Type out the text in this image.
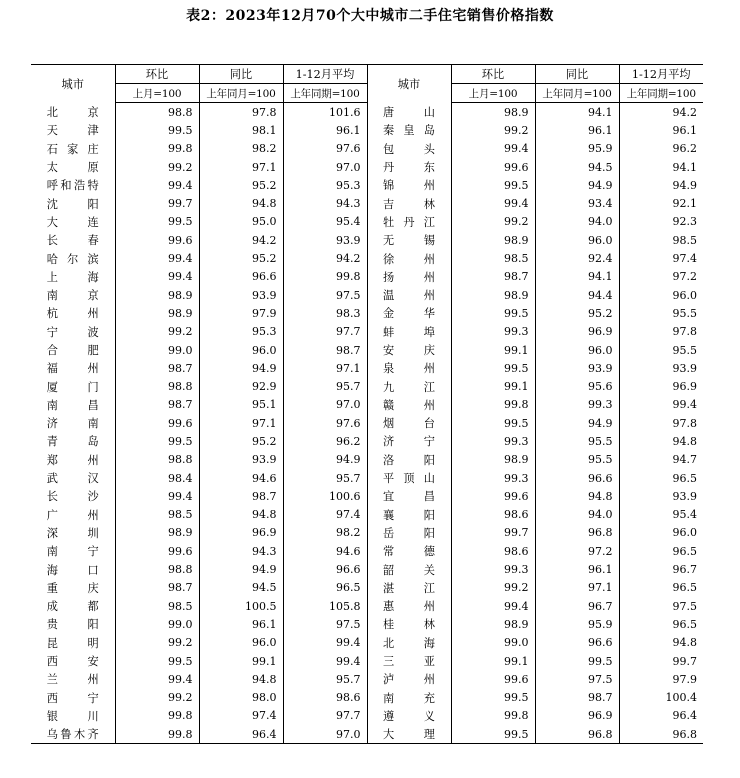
表2：2023年12月70个大中城市二手住宅销售价格指数
城市	环比	同比	1-12月平均	城市	环比	同比	1-12月平均
	上月=100	上年同月=100	上年同期=100		上月=100	上年同月=100	上年同期=100
北京	98.8	97.8	101.6	唐山	98.9	94.1	94.2
天津	99.5	98.1	96.1	秦皇岛	99.2	96.1	96.1
石家庄	99.8	98.2	97.6	包头	99.4	95.9	96.2
太原	99.2	97.1	97.0	丹东	99.6	94.5	94.1
呼和浩特	99.4	95.2	95.3	锦州	99.5	94.9	94.9
沈阳	99.7	94.8	94.3	吉林	99.4	93.4	92.1
大连	99.5	95.0	95.4	牡丹江	99.2	94.0	92.3
长春	99.6	94.2	93.9	无锡	98.9	96.0	98.5
哈尔滨	99.4	95.2	94.2	徐州	98.5	92.4	97.4
上海	99.4	96.6	99.8	扬州	98.7	94.1	97.2
南京	98.9	93.9	97.5	温州	98.9	94.4	96.0
杭州	98.9	97.9	98.3	金华	99.5	95.2	95.5
宁波	99.2	95.3	97.7	蚌埠	99.3	96.9	97.8
合肥	99.0	96.0	98.7	安庆	99.1	96.0	95.5
福州	98.7	94.9	97.1	泉州	99.5	93.9	93.9
厦门	98.8	92.9	95.7	九江	99.1	95.6	96.9
南昌	98.7	95.1	97.0	赣州	99.8	99.3	99.4
济南	99.6	97.1	97.6	烟台	99.5	94.9	97.8
青岛	99.5	95.2	96.2	济宁	99.3	95.5	94.8
郑州	98.8	93.9	94.9	洛阳	98.9	95.5	94.7
武汉	98.4	94.6	95.7	平顶山	99.3	96.6	96.5
长沙	99.4	98.7	100.6	宜昌	99.6	94.8	93.9
广州	98.5	94.8	97.4	襄阳	98.6	94.0	95.4
深圳	98.9	96.9	98.2	岳阳	99.7	96.8	96.0
南宁	99.6	94.3	94.6	常德	98.6	97.2	96.5
海口	98.8	94.9	96.6	韶关	99.3	96.1	96.7
重庆	98.7	94.5	96.5	湛江	99.2	97.1	96.5
成都	98.5	100.5	105.8	惠州	99.4	96.7	97.5
贵阳	99.0	96.1	97.5	桂林	98.9	95.9	96.5
昆明	99.2	96.0	99.4	北海	99.0	96.6	94.8
西安	99.5	99.1	99.4	三亚	99.1	99.5	99.7
兰州	99.4	94.8	95.7	泸州	99.6	97.5	97.9
西宁	99.2	98.0	98.6	南充	99.5	98.7	100.4
银川	99.8	97.4	97.7	遵义	99.8	96.9	96.4
乌鲁木齐	99.8	96.4	97.0	大理	99.5	96.8	96.8
